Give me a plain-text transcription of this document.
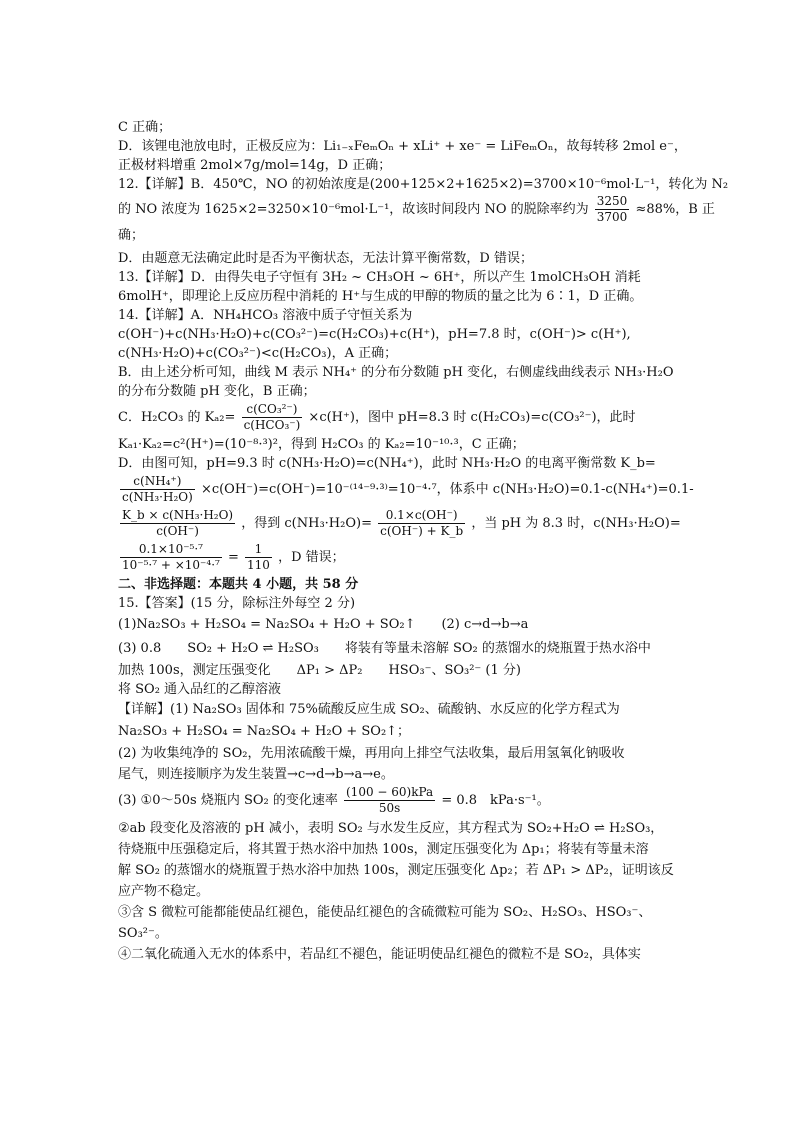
C 正确；
D．该锂电池放电时，正极反应为：Li₁₋ₓFeₘOₙ + xLi⁺ + xe⁻ = LiFeₘOₙ，故每转移 2mol e⁻，
正极材料增重 2mol×7g/mol=14g，D 正确；
12.【详解】B．450℃，NO 的初始浓度是(200+125×2+1625×2)=3700×10⁻⁶mol·L⁻¹，转化为 N₂
的 NO 浓度为 1625×2=3250×10⁻⁶mol·L⁻¹，故该时间段内 NO 的脱除率约为 $\frac{3250}{3700} \approx 88\%$，B 正
确；
D．由题意无法确定此时是否为平衡状态，无法计算平衡常数，D 错误；
13.【详解】D．由得失电子守恒有 3H₂ ~ CH₃OH ~ 6H⁺，所以产生 1molCH₃OH 消耗
6molH⁺，即理论上反应历程中消耗的 H⁺与生成的甲醇的物质的量之比为 6∶1，D 正确。
14.【详解】A．NH₄HCO₃ 溶液中质子守恒关系为
c(OH⁻)+c(NH₃·H₂O)+c(CO₃²⁻)=c(H₂CO₃)+c(H⁺)，pH=7.8 时，c(OH⁻)> c(H⁺),
c(NH₃·H₂O)+c(CO₃²⁻)<c(H₂CO₃)，A 正确；
B．由上述分析可知，曲线 M 表示 NH₄⁺ 的分布分数随 pH 变化，右侧虚线曲线表示 NH₃·H₂O
的分布分数随 pH 变化，B 正确；
C．H₂CO₃ 的 $K_{a2}= \frac{\text{c(CO₃²⁻)}}{\text{c(HCO₃⁻)}} \times c(H^+)$，图中 pH=8.3 时 c(H₂CO₃)=c(CO₃²⁻)，此时
Kₐ₁·Kₐ₂=c²(H⁺)=(10⁻⁸·³)²，得到 H₂CO₃ 的 Kₐ₂=10⁻¹⁰·³，C 正确；
D．由图可知，pH=9.3 时 c(NH₃·H₂O)=c(NH₄⁺)，此时 NH₃·H₂O 的电离平衡常数 K_b=
$\frac{\text{c(NH₄⁺)}}{\text{c(NH₃·H₂O)}} \times c(OH^-)=c(OH^-)=10^{-(14-9}\cdot^{3)}=10^{-4}\cdot^7$，体系中 c(NH₃·H₂O)=0.1-c(NH₄⁺)=0.1-
$\frac{\text{K\_b × c(NH₃·H₂O)}}{c(OH^-)}$ ，得到 $c(NH_3\cdot H_2O)= \frac{0.1\times c(OH^-)}{c(OH^-) + K\_b}$ ，当 pH 为 8.3 时，c(NH₃·H₂O)=
$\frac{\text{0.1×10⁻⁵·⁷}}{\text{10⁻⁵·⁷ + ×10⁻⁴·⁷}} = \frac{1}{110}$ ，D 错误；
二、非选择题：本题共 4 小题，共 58 分
15.【答案】(15 分，除标注外每空 2 分)
(1)Na₂SO₃ + H₂SO₄ = Na₂SO₄ + H₂O + SO₂↑　　(2) c→d→b→a
(3) 0.8　　SO₂ + H₂O ⇌ H₂SO₃　　将装有等量未溶解 SO₂ 的蒸馏水的烧瓶置于热水浴中
加热 100s，测定压强变化　　ΔP₁ > ΔP₂　　HSO₃⁻、SO₃²⁻ (1 分)
将 SO₂ 通入品红的乙醇溶液
【详解】(1) Na₂SO₃ 固体和 75%硫酸反应生成 SO₂、硫酸钠、水反应的化学方程式为
Na₂SO₃ + H₂SO₄ = Na₂SO₄ + H₂O + SO₂↑；
(2) 为收集纯净的 SO₂，先用浓硫酸干燥，再用向上排空气法收集，最后用氢氧化钠吸收
尾气，则连接顺序为发生装置→c→d→b→a→e。
(3) ①0～50s 烧瓶内 SO₂ 的变化速率 $\frac{\text{(100 − 60)kPa}}{50s} = 0.8$　kPa·s⁻¹。
②ab 段变化及溶液的 pH 减小，表明 SO₂ 与水发生反应，其方程式为 SO₂+H₂O ⇌ H₂SO₃，
待烧瓶中压强稳定后，将其置于热水浴中加热 100s，测定压强变化为 Δp₁；将装有等量未溶
解 SO₂ 的蒸馏水的烧瓶置于热水浴中加热 100s，测定压强变化 Δp₂；若 ΔP₁ > ΔP₂，证明该反
应产物不稳定。
③含 S 微粒可能都能使品红褪色，能使品红褪色的含硫微粒可能为 SO₂、H₂SO₃、HSO₃⁻、
SO₃²⁻。
④二氧化硫通入无水的体系中，若品红不褪色，能证明使品红褪色的微粒不是 SO₂，具体实
